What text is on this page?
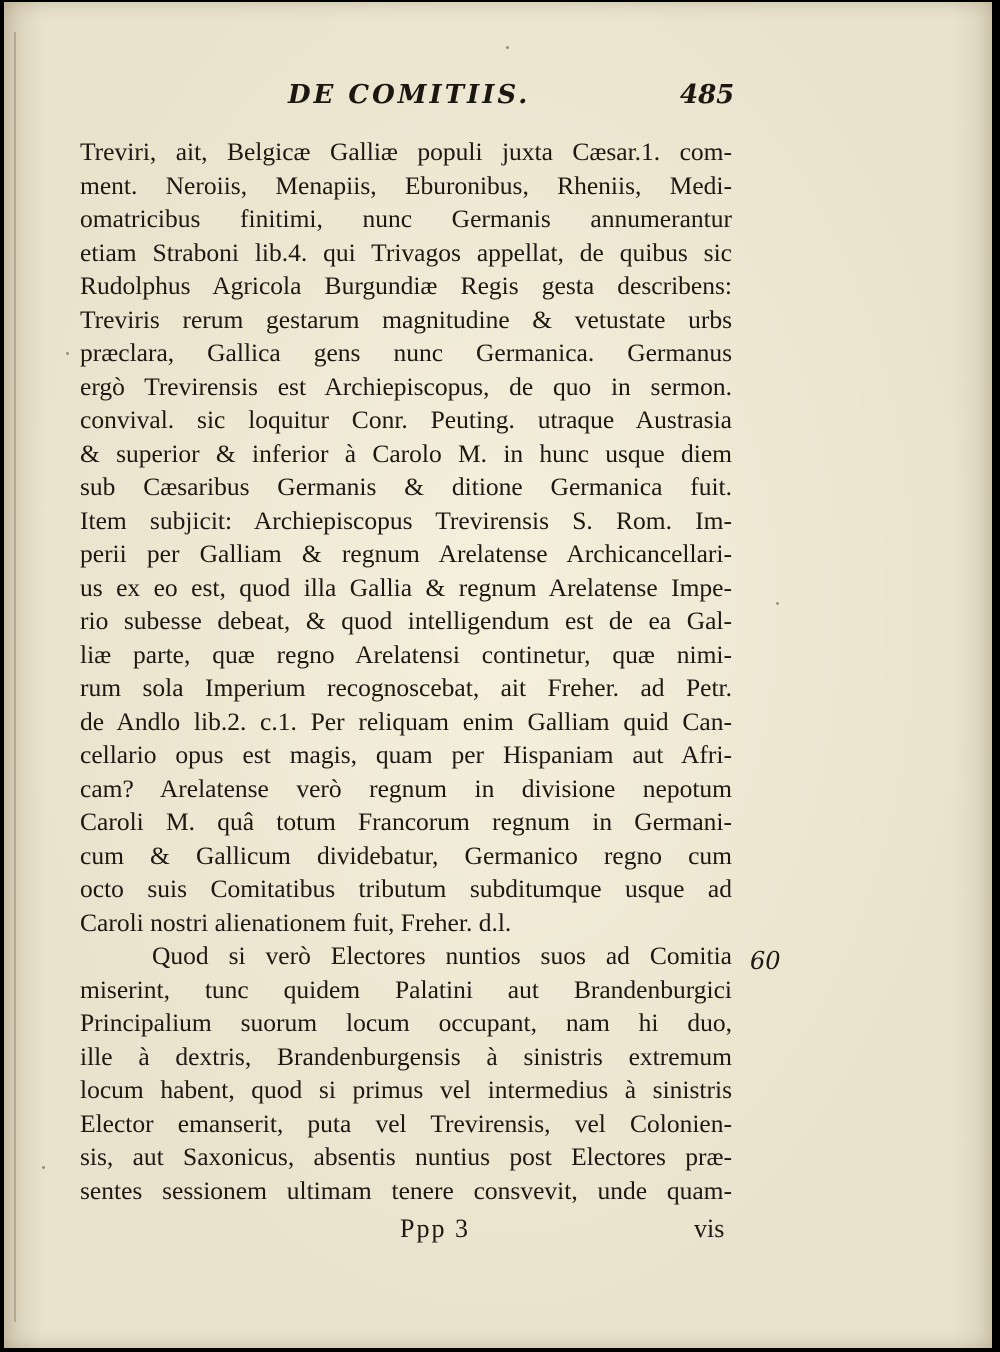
DE COMITIIS.	485
Treviri, ait, Belgicæ Galliæ populi juxta Cæsar.1. com-
ment. Neroiis, Menapiis, Eburonibus, Rheniis, Medi-
omatricibus finitimi, nunc Germanis annumerantur
etiam Straboni lib.4. qui Trivagos appellat, de quibus sic
Rudolphus Agricola Burgundiæ Regis gesta describens:
Treviris rerum gestarum magnitudine & vetustate urbs
præclara, Gallica gens nunc Germanica. Germanus
ergò Trevirensis est Archiepiscopus, de quo in sermon.
convival. sic loquitur Conr. Peuting. utraque Austrasia
& superior & inferior à Carolo M. in hunc usque diem
sub Cæsaribus Germanis & ditione Germanica fuit.
Item subjicit: Archiepiscopus Trevirensis S. Rom. Im-
perii per Galliam & regnum Arelatense Archicancellari-
us ex eo est, quod illa Gallia & regnum Arelatense Impe-
rio subesse debeat, & quod intelligendum est de ea Gal-
liæ parte, quæ regno Arelatensi continetur, quæ nimi-
rum sola Imperium recognoscebat, ait Freher. ad Petr.
de Andlo lib.2. c.1. Per reliquam enim Galliam quid Can-
cellario opus est magis, quam per Hispaniam aut Afri-
cam? Arelatense verò regnum in divisione nepotum
Caroli M. quâ totum Francorum regnum in Germani-
cum & Gallicum dividebatur, Germanico regno cum
octo suis Comitatibus tributum subditumque usque ad
Caroli nostri alienationem fuit, Freher. d.l.
Quod si verò Electores nuntios suos ad Comitia
miserint, tunc quidem Palatini aut Brandenburgici
Principalium suorum locum occupant, nam hi duo,
ille à dextris, Brandenburgensis à sinistris extremum
locum habent, quod si primus vel intermedius à sinistris
Elector emanserit, puta vel Trevirensis, vel Colonien-
sis, aut Saxonicus, absentis nuntius post Electores præ-
sentes sessionem ultimam tenere consvevit, unde quam-
60
Ppp 3	vis
